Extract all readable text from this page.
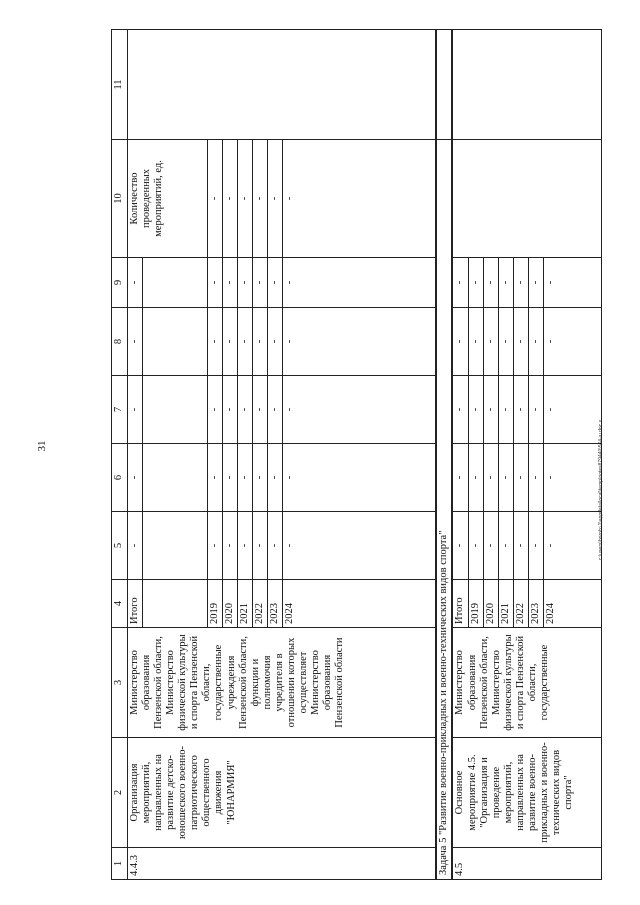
31	c:\users\borob~1\appdata\local\temp\notes879440\564-ш.doc.x
1	2	3	4	5	6	7	8	9	10	11
4.4.3	Организация мероприятий, направленных на развитие детско-юношеского военно-патриотического общественного движения "ЮНАРМИЯ"	Министерство образования Пензенской области, Министерство физической культуры и спорта Пензенской области, государственные учреждения Пензенской области, функции и полномочия учредителя в отношении которых осуществляет Министерство образования Пензенской области	Итого	-	-	-	-	-	Количество проведенных мероприятий, ед.	

			2019	-	-	-	-	-	-	
			2020	-	-	-	-	-	-	
			2021	-	-	-	-	-	-	
			2022	-	-	-	-	-	-	
			2023	-	-	-	-	-	-	
			2024	-	-	-	-	-	-	
Задача 5 "Развитие военно-прикладных и военно-технических видов спорта"										
4.5	Основное мероприятие 4.5. "Организация и проведение мероприятий, направленных на развитие военно-прикладных и военно-технических видов спорта"	Министерство образования Пензенской области, Министерство физической культуры и спорта Пензенской области, государственные	Итого	-	-	-	-	-		
			2019	-	-	-	-	-		
			2020	-	-	-	-	-		
			2021	-	-	-	-	-		
			2022	-	-	-	-	-		
			2023	-	-	-	-	-		
			2024	-	-	-	-	-		
